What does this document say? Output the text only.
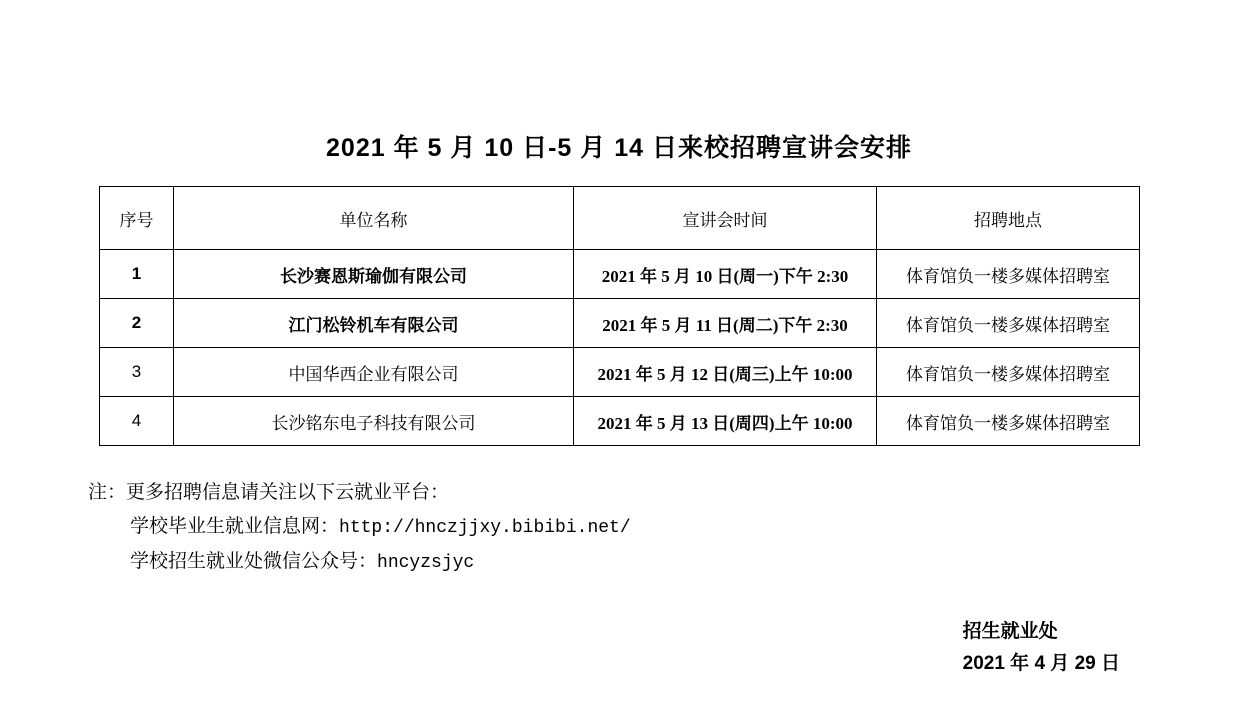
2021 年 5 月 10 日-5 月 14 日来校招聘宣讲会安排
序号	单位名称	宣讲会时间	招聘地点
1	长沙赛恩斯瑜伽有限公司	2021 年 5 月 10 日(周一)下午 2:30	体育馆负一楼多媒体招聘室
2	江门松铃机车有限公司	2021 年 5 月 11 日(周二)下午 2:30	体育馆负一楼多媒体招聘室
3	中国华西企业有限公司	2021 年 5 月 12 日(周三)上午 10:00	体育馆负一楼多媒体招聘室
4	长沙铭东电子科技有限公司	2021 年 5 月 13 日(周四)上午 10:00	体育馆负一楼多媒体招聘室
注：更多招聘信息请关注以下云就业平台：
学校毕业生就业信息网：http://hnczjjxy.bibibi.net/
学校招生就业处微信公众号：hncyzsjyc
招生就业处
2021 年 4 月 29 日
